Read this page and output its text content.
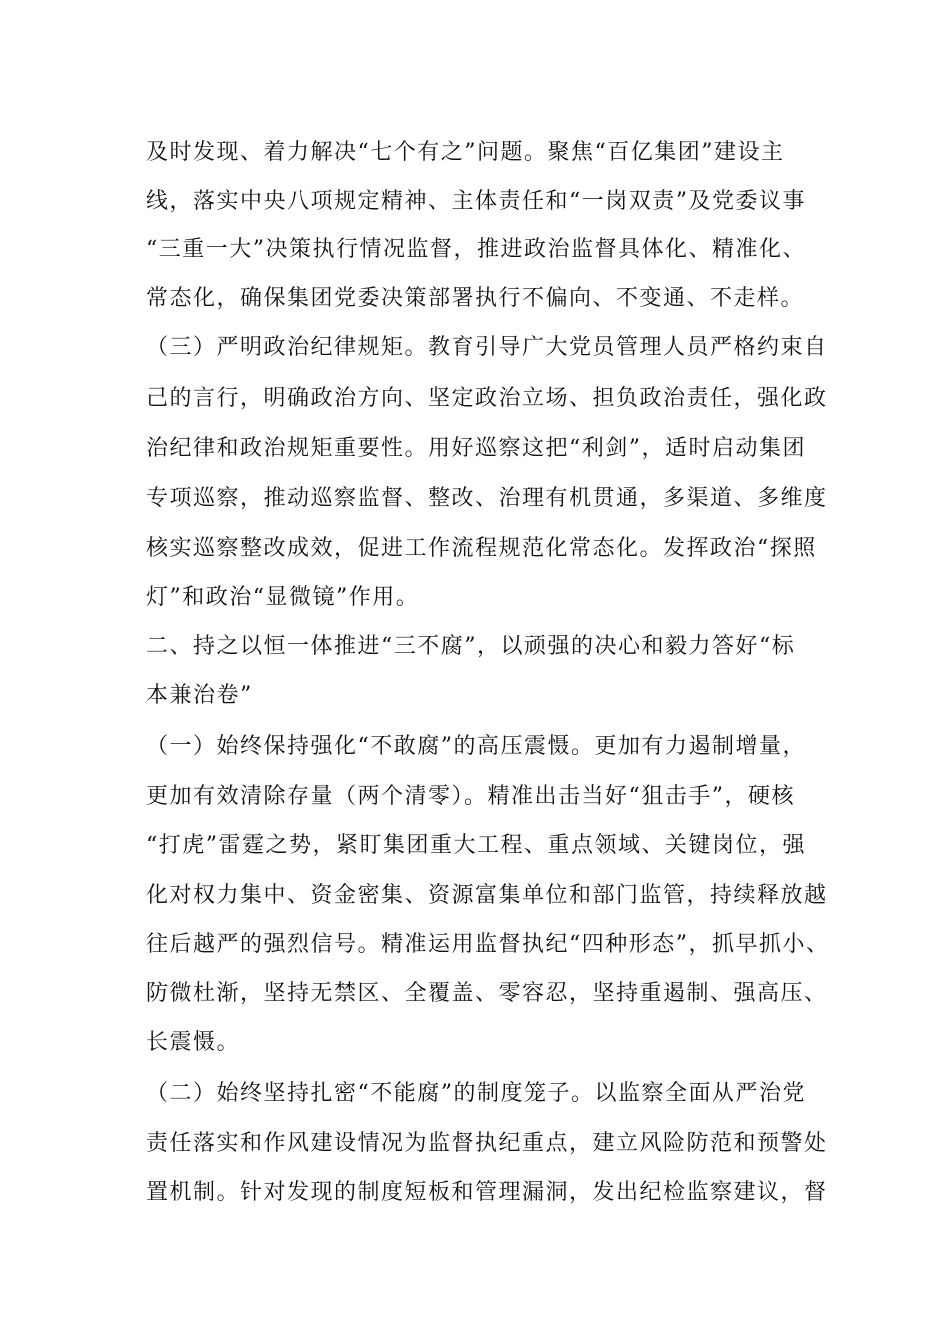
及时发现、着力解决“七个有之”问题。聚焦“百亿集团”建设主
线，落实中央八项规定精神、主体责任和“一岗双责”及党委议事
“三重一大”决策执行情况监督，推进政治监督具体化、精准化、
常态化，确保集团党委决策部署执行不偏向、不变通、不走样。
（三）严明政治纪律规矩。教育引导广大党员管理人员严格约束自
己的言行，明确政治方向、坚定政治立场、担负政治责任，强化政
治纪律和政治规矩重要性。用好巡察这把“利剑”，适时启动集团
专项巡察，推动巡察监督、整改、治理有机贯通，多渠道、多维度
核实巡察整改成效，促进工作流程规范化常态化。发挥政治“探照
灯”和政治“显微镜”作用。
二、持之以恒一体推进“三不腐”，以顽强的决心和毅力答好“标
本兼治卷”
（一）始终保持强化“不敢腐”的高压震慑。更加有力遏制增量，
更加有效清除存量（两个清零）。精准出击当好“狙击手”，硬核
“打虎”雷霆之势，紧盯集团重大工程、重点领域、关键岗位，强
化对权力集中、资金密集、资源富集单位和部门监管，持续释放越
往后越严的强烈信号。精准运用监督执纪“四种形态”，抓早抓小、
防微杜渐，坚持无禁区、全覆盖、零容忍，坚持重遏制、强高压、
长震慑。
（二）始终坚持扎密“不能腐”的制度笼子。以监察全面从严治党
责任落实和作风建设情况为监督执纪重点，建立风险防范和预警处
置机制。针对发现的制度短板和管理漏洞，发出纪检监察建议，督
